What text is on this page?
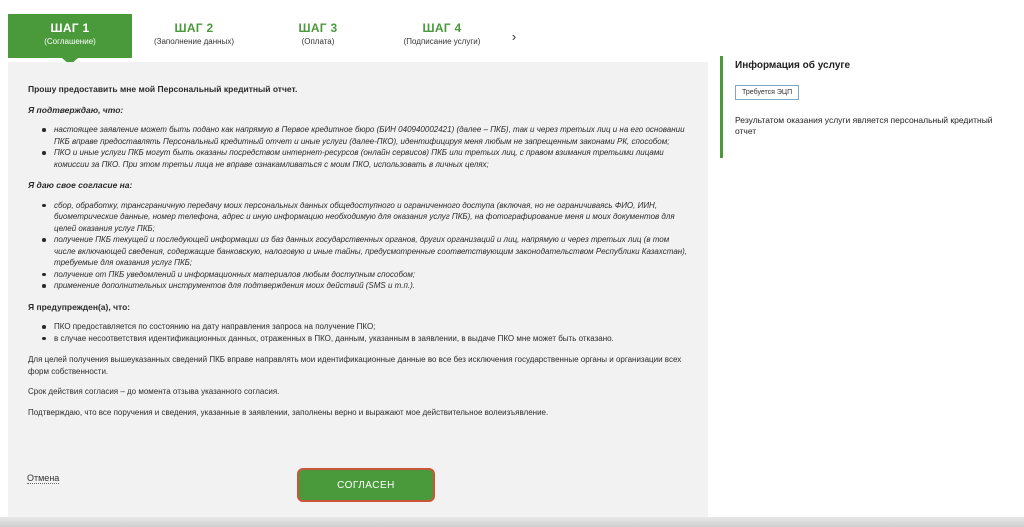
ШАГ 1
(Соглашение)
ШАГ 2
(Заполнение данных)
ШАГ 3
(Оплата)
ШАГ 4
(Подписание услуги)	›
Прошу предоставить мне мой Персональный кредитный отчет.
Я подтверждаю, что:
настоящее заявление может быть подано как напрямую в Первое кредитное бюро (БИН 040940002421) (далее – ПКБ), так и через третьих лиц и на его основании ПКБ вправе предоставлять Персональный кредитный отчет и иные услуги (далее-ПКО), идентифицируя меня любым не запрещенным законами РК, способом;
ПКО и иные услуги ПКБ могут быть оказаны посредством интернет-ресурсов (онлайн сервисов) ПКБ или третьих лиц, с правом взимания третьими лицами комиссии за ПКО. При этом третьи лица не вправе ознакамливаться с моим ПКО, использовать в личных целях;
Я даю свое согласие на:
сбор, обработку, трансграничную передачу моих персональных данных общедоступного и ограниченного доступа (включая, но не ограничиваясь ФИО, ИИН, биометрические данные, номер телефона, адрес и иную информацию необходимую для оказания услуг ПКБ), на фотографирование меня и моих документов для целей оказания услуг ПКБ;
получение ПКБ текущей и последующей информации из баз данных государственных органов, других организаций и лиц, напрямую и через третьих лиц (в том числе включающей сведения, содержащие банковскую, налоговую и иные тайны, предусмотренные соответствующим законодательством Республики Казахстан), требуемые для оказания услуг ПКБ;
получение от ПКБ уведомлений и информационных материалов любым доступным способом;
применение дополнительных инструментов для подтверждения моих действий (SMS и т.п.).
Я предупрежден(а), что:
ПКО предоставляется по состоянию на дату направления запроса на получение ПКО;
в случае несоответствия идентификационных данных, отраженных в ПКО, данным, указанным в заявлении, в выдаче ПКО мне может быть отказано.
Для целей получения вышеуказанных сведений ПКБ вправе направлять мои идентификационные данные во все без исключения государственные органы и организации всех форм собственности.
Срок действия согласия – до момента отзыва указанного согласия.
Подтверждаю, что все поручения и сведения, указанные в заявлении, заполнены верно и выражают мое действительное волеизъявление.
Отмена
СОГЛАСЕН
Информация об услуге
Требуется ЭЦП
Результатом оказания услуги является персональный кредитный отчет
